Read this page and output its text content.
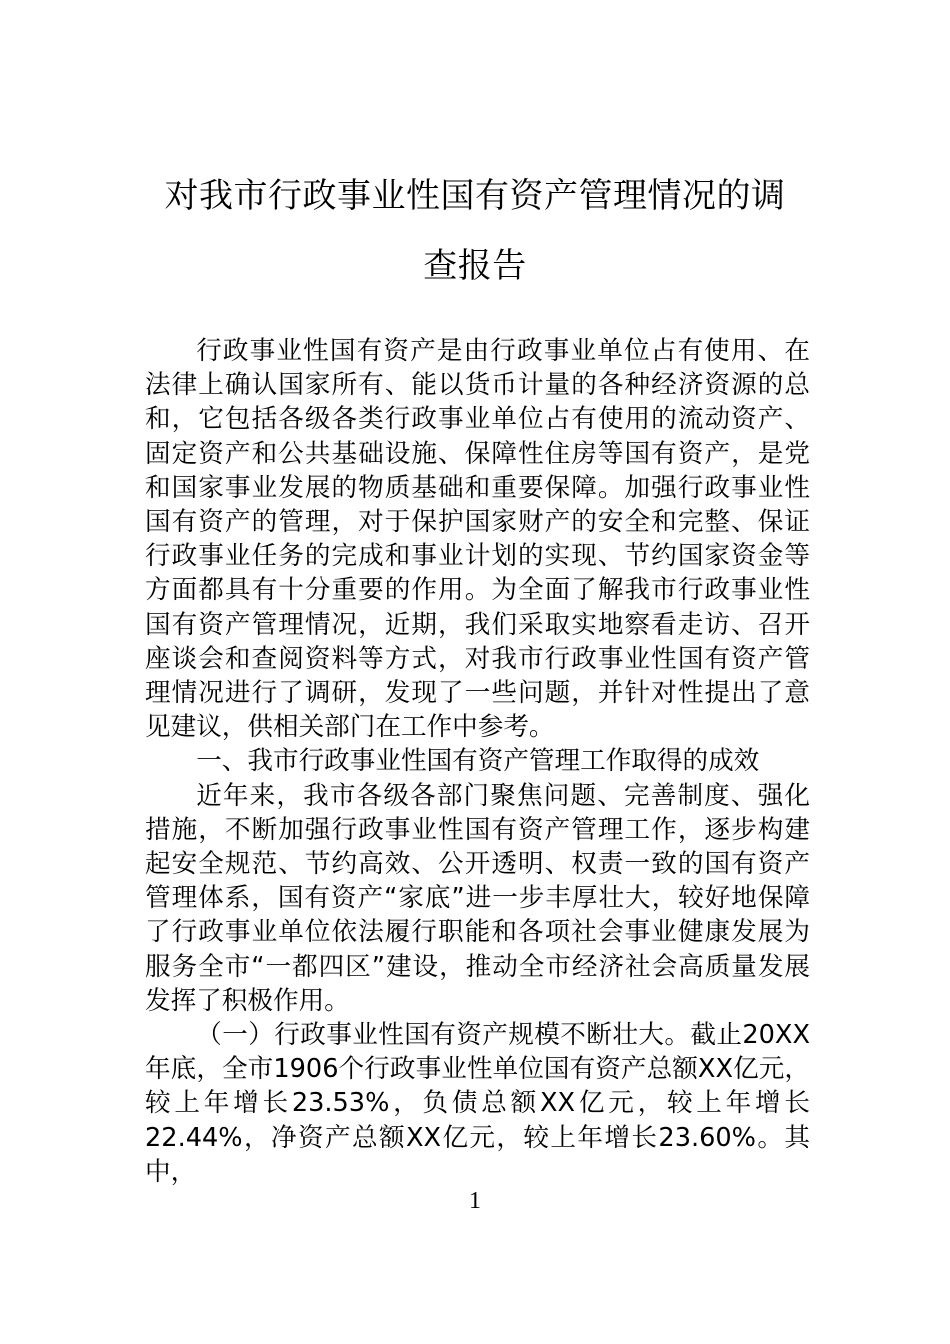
对我市行政事业性国有资产管理情况的调
查报告

行政事业性国有资产是由行政事业单位占有使用、在法律上确认国家所有、能以货币计量的各种经济资源的总和，它包括各级各类行政事业单位占有使用的流动资产、固定资产和公共基础设施、保障性住房等国有资产，是党和国家事业发展的物质基础和重要保障。加强行政事业性国有资产的管理，对于保护国家财产的安全和完整、保证行政事业任务的完成和事业计划的实现、节约国家资金等方面都具有十分重要的作用。为全面了解我市行政事业性国有资产管理情况，近期，我们采取实地察看走访、召开座谈会和查阅资料等方式，对我市行政事业性国有资产管理情况进行了调研，发现了一些问题，并针对性提出了意见建议，供相关部门在工作中参考。

一、我市行政事业性国有资产管理工作取得的成效

近年来，我市各级各部门聚焦问题、完善制度、强化措施，不断加强行政事业性国有资产管理工作，逐步构建起安全规范、节约高效、公开透明、权责一致的国有资产管理体系，国有资产“家底”进一步丰厚壮大，较好地保障了行政事业单位依法履行职能和各项社会事业健康发展为服务全市“一都四区”建设，推动全市经济社会高质量发展发挥了积极作用。

（一）行政事业性国有资产规模不断壮大。截止20XX年底，全市1906个行政事业性单位国有资产总额XX亿元，较上年增长23.53%，负债总额XX亿元，较上年增长22.44%，净资产总额XX亿元，较上年增长23.60%。其中，

1
